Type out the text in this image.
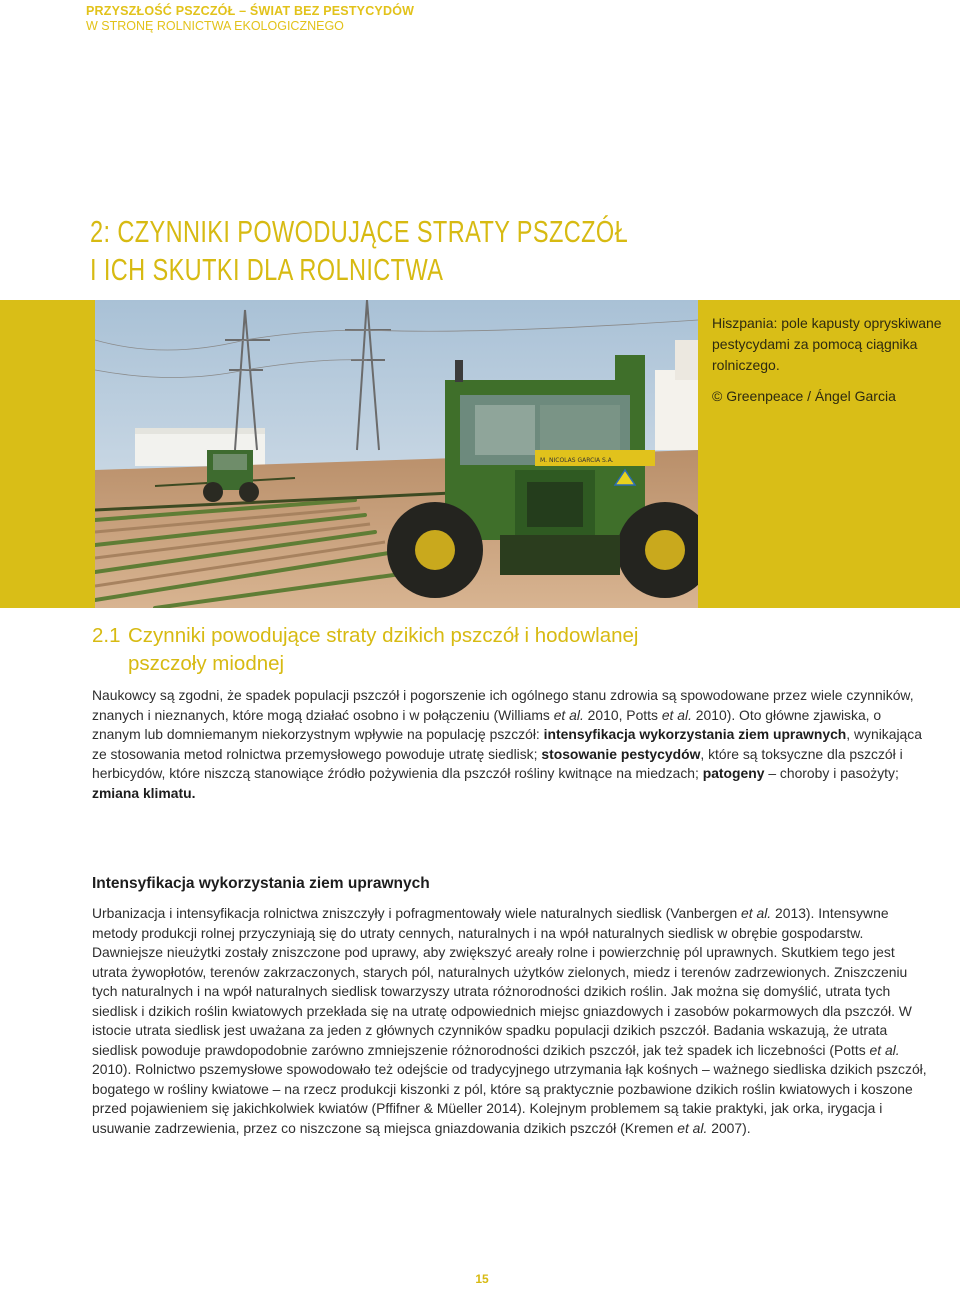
PRZYSZŁOŚĆ PSZCZÓŁ – ŚWIAT BEZ PESTYCYDÓW
W STRONĘ ROLNICTWA EKOLOGICZNEGO
2: CZYNNIKI POWODUJĄCE STRATY PSZCZÓŁ
I ICH SKUTKI DLA ROLNICTWA
M. NICOLAS GARCIA S.A.

Hiszpania: pole kapusty opryskiwane pestycydami za pomocą ciągnika rolniczego.

© Greenpeace / Ángel Garcia

2.1 Czynniki powodujące straty dzikich pszczół i hodowlanej
pszczoły miodnej

Naukowcy są zgodni, że spadek populacji pszczół i pogorszenie ich ogólnego stanu zdrowia są spowodowane przez wiele czynników, znanych i nieznanych, które mogą działać osobno i w połączeniu (Williams et al. 2010, Potts et al. 2010). Oto główne zjawiska, o znanym lub domniemanym niekorzystnym wpływie na populację pszczół: intensyfikacja wykorzystania ziem uprawnych, wynikająca ze stosowania metod rolnictwa przemysłowego powoduje utratę siedlisk; stosowanie pestycydów, które są toksyczne dla pszczół i herbicydów, które niszczą stanowiące źródło pożywienia dla pszczół rośliny kwitnące na miedzach; patogeny – choroby i pasożyty; zmiana klimatu.

Intensyfikacja wykorzystania ziem uprawnych

Urbanizacja i intensyfikacja rolnictwa zniszczyły i pofragmentowały wiele naturalnych siedlisk (Vanbergen et al. 2013). Intensywne metody produkcji rolnej przyczyniają się do utraty cennych, naturalnych i na wpół naturalnych siedlisk w obrębie gospodarstw. Dawniejsze nieużytki zostały zniszczone pod uprawy, aby zwiększyć areały rolne i powierzchnię pól uprawnych. Skutkiem tego jest utrata żywopłotów, terenów zakrzaczonych, starych pól, naturalnych użytków zielonych, miedz i terenów zadrzewionych. Zniszczeniu tych naturalnych i na wpół naturalnych siedlisk towarzyszy utrata różnorodności dzikich roślin. Jak można się domyślić, utrata tych siedlisk i dzikich roślin kwiatowych przekłada się na utratę odpowiednich miejsc gniazdowych i zasobów pokarmowych dla pszczół. W istocie utrata siedlisk jest uważana za jeden z głównych czynników spadku populacji dzikich pszczół. Badania wskazują, że utrata siedlisk powoduje prawdopodobnie zarówno zmniejszenie różnorodności dzikich pszczół, jak też spadek ich liczebności (Potts et al. 2010). Rolnictwo pszemysłowe spowodowało też odejście od tradycyjnego utrzymania łąk kośnych – ważnego siedliska dzikich pszczół, bogatego w rośliny kwiatowe – na rzecz produkcji kiszonki z pól, które są praktycznie pozbawione dzikich roślin kwiatowych i koszone przed pojawieniem się jakichkolwiek kwiatów (Pffifner & Müeller 2014). Kolejnym problemem są takie praktyki, jak orka, irygacja i usuwanie zadrzewienia, przez co niszczone są miejsca gniazdowania dzikich pszczół (Kremen et al. 2007).

15
